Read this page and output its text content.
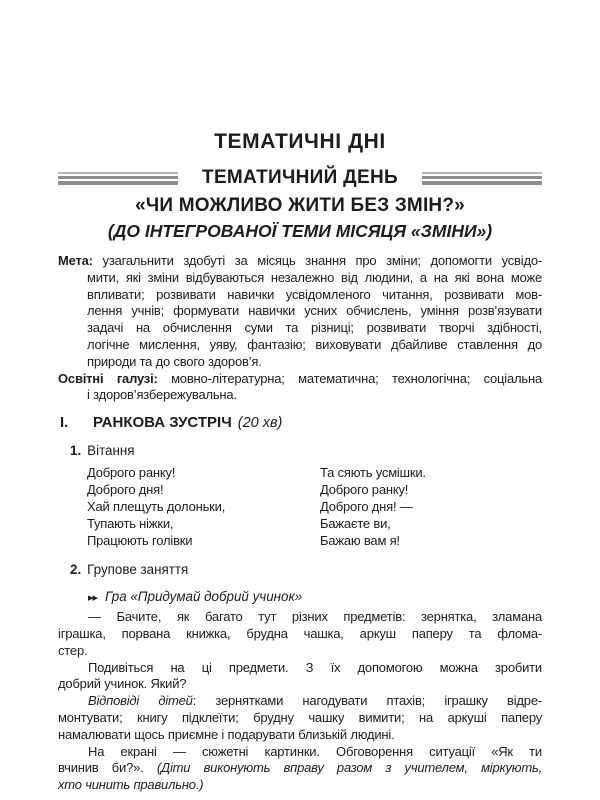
ТЕМАТИЧНІ ДНІ
ТЕМАТИЧНИЙ ДЕНЬ
«ЧИ МОЖЛИВО ЖИТИ БЕЗ ЗМІН?»
(ДО ІНТЕГРОВАНОЇ ТЕМИ МІСЯЦЯ «ЗМІНИ»)
Мета: узагальнити здобуті за місяць знання про зміни; допомогти усвідо-
мити, які зміни відбуваються незалежно від людини, а на які вона може
впливати; розвивати навички усвідомленого читання, розвивати мов-
лення учнів; формувати навички усних обчислень, уміння розв’язувати
задачі на обчислення суми та різниці; розвивати творчі здібності,
логічне мислення, уяву, фантазію; виховувати дбайливе ставлення до
природи та до свого здоров’я.
Освітні галузі: мовно-літературна; математична; технологічна; соціальна
і здоров’язбережувальна.
I.	РАНКОВА ЗУСТРІЧ (20 хв)
1. Вітання
Доброго ранку!
Доброго дня!
Хай плещуть долоньки,
Тупають ніжки,
Працюють голівки
Та сяють усмішки.
Доброго ранку!
Доброго дня! —
Бажаєте ви,
Бажаю вам я!
2. Групове заняття
▸▸ Гра «Придумай добрий учинок»
— Бачите, як багато тут різних предметів: зернятка, зламана
іграшка, порвана книжка, брудна чашка, аркуш паперу та флома-
стер.
Подивіться на ці предмети. З їх допомогою можна зробити
добрий учинок. Який?
Відповіді дітей: зернятками нагодувати птахів; іграшку відре-
монтувати; книгу підклеїти; брудну чашку вимити; на аркуші паперу
намалювати щось приємне і подарувати близькій людині.
На екрані — сюжетні картинки. Обговорення ситуації «Як ти
вчинив би?». (Діти виконують вправу разом з учителем, міркують,
хто чинить правильно.)
